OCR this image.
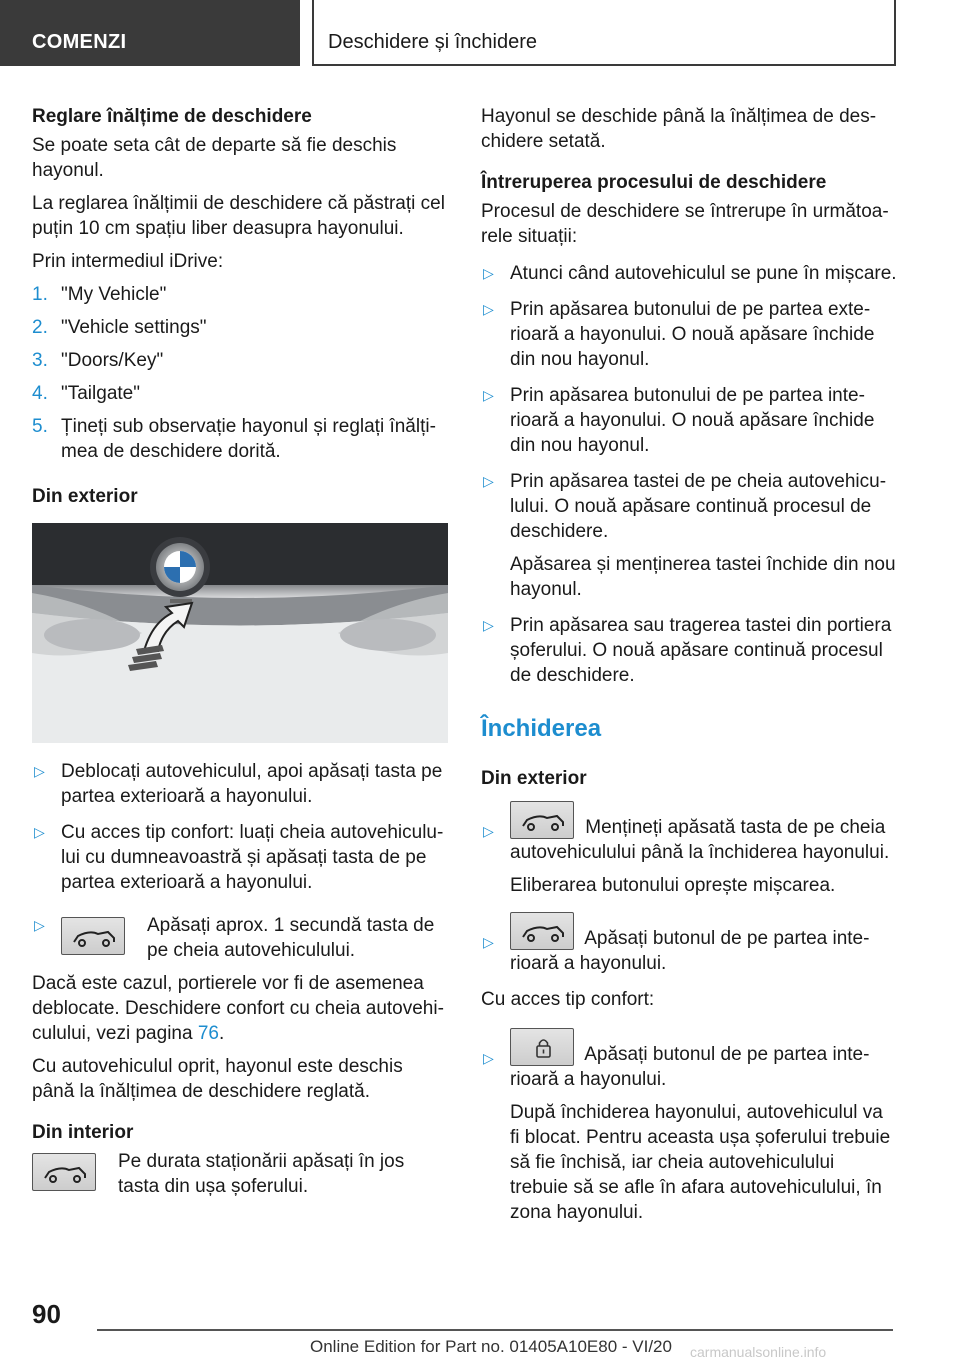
COMENZI	Deschidere și închidere
Reglare înălțime de deschidere

Se poate seta cât de departe să fie deschis hayonul.

La reglarea înălțimii de deschidere că păstrați cel puțin 10 cm spațiu liber deasupra hayonului.

Prin intermediul iDrive:

1. "My Vehicle"
2. "Vehicle settings"
3. "Doors/Key"
4. "Tailgate"
5. Țineți sub observație hayonul și reglați înălțimea de deschidere dorită.
Din exterior
▷ Deblocați autovehiculul, apoi apăsați tasta pe partea exterioară a hayonului.
▷ Cu acces tip confort: luați cheia autovehiculului cu dumneavoastră și apăsați tasta de pe partea exterioară a hayonului.
▷	Apăsați aprox. 1 secundă tasta de pe cheia autovehiculului.

Dacă este cazul, portierele vor fi de asemenea deblocate. Deschidere confort cu cheia autovehiculului, vezi pagina 76.

Cu autovehiculul oprit, hayonul este deschis până la înălțimea de deschidere reglată.

Din interior
Pe durata staționării apăsați în jos tasta din ușa șoferului.

Hayonul se deschide până la înălțimea de deschidere setată.

Întreruperea procesului de deschidere

Procesul de deschidere se întrerupe în următoarele situații:

▷ Atunci când autovehiculul se pune în mișcare.
▷ Prin apăsarea butonului de pe partea exterioară a hayonului. O nouă apăsare închide din nou hayonul.
▷ Prin apăsarea butonului de pe partea interioară a hayonului. O nouă apăsare închide din nou hayonul.
▷ Prin apăsarea tastei de pe cheia autovehiculului. O nouă apăsare continuă procesul de deschidere.

Apăsarea și menținerea tastei închide din nou hayonul.

▷ Prin apăsarea sau tragerea tastei din portiera șoferului. O nouă apăsare continuă procesul de deschidere.
Închiderea
Din exterior
▷	Mențineți apăsată tasta de pe cheia autovehiculului până la închiderea hayonului.

Eliberarea butonului oprește mișcarea.

▷	Apăsați butonul de pe partea interioară a hayonului.

Cu acces tip confort:

▷	Apăsați butonul de pe partea interioară a hayonului.

După închiderea hayonului, autovehiculul va fi blocat. Pentru aceasta ușa șoferului trebuie să fie închisă, iar cheia autovehiculului trebuie să se afle în afara autovehiculului, în zona hayonului.

90
Online Edition for Part no. 01405A10E80 - VI/20 carmanualsonline.info
